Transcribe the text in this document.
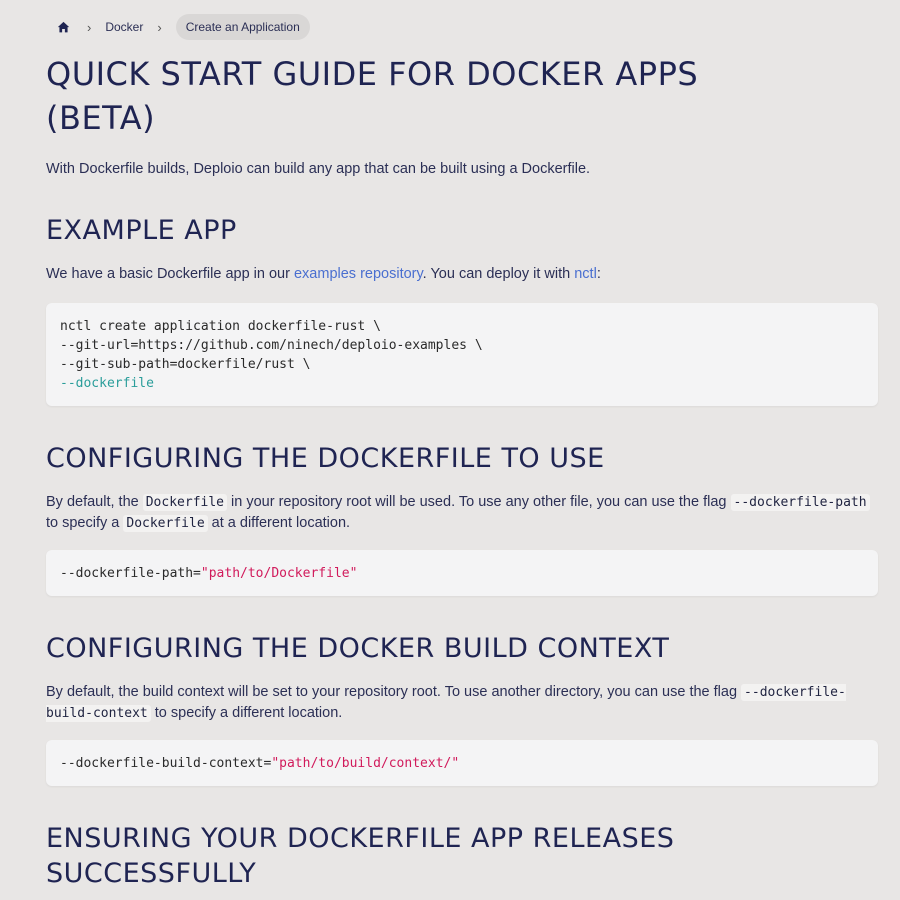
› Docker ›	Create an Application
QUICK START GUIDE FOR DOCKER APPS (BETA)

With Dockerfile builds, Deploio can build any app that can be built using a Dockerfile.

EXAMPLE APP

We have a basic Dockerfile app in our examples repository. You can deploy it with nctl:

nctl create application dockerfile-rust \
--git-url=https://github.com/ninech/deploio-examples \
--git-sub-path=dockerfile/rust \
--dockerfile
CONFIGURING THE DOCKERFILE TO USE

By default, the Dockerfile in your repository root will be used. To use any other file, you can use the flag --dockerfile-path to specify a Dockerfile at a different location.

--dockerfile-path="path/to/Dockerfile"
CONFIGURING THE DOCKER BUILD CONTEXT

By default, the build context will be set to your repository root. To use another directory, you can use the flag --dockerfile-build-context to specify a different location.

--dockerfile-build-context="path/to/build/context/"
ENSURING YOUR DOCKERFILE APP RELEASES SUCCESSFULLY
